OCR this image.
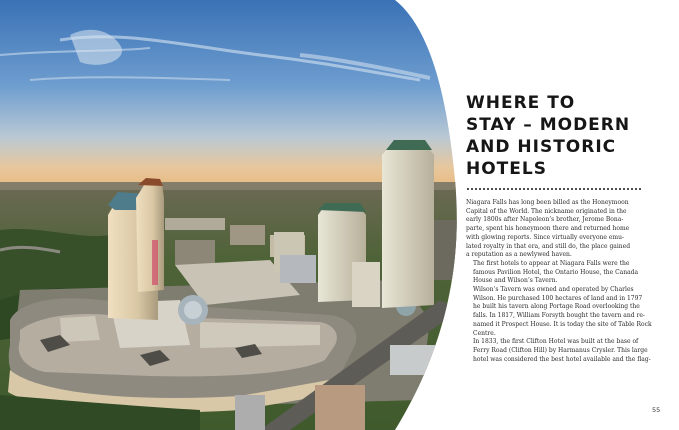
WHERE TO
STAY – MODERN
AND HISTORIC
HOTELS

Niagara Falls has long been billed as the Honeymoon
Capital of the World. The nickname originated in the
early 1800s after Napoleon’s brother, Jerome Bona-
parte, spent his honeymoon there and returned home
with glowing reports. Since virtually everyone emu-
lated royalty in that era, and still do, the place gained
a reputation as a newlywed haven.

The first hotels to appear at Niagara Falls were the
famous Pavilion Hotel, the Ontario House, the Canada
House and Wilson’s Tavern.

Wilson’s Tavern was owned and operated by Charles
Wilson. He purchased 100 hectares of land and in 1797
he built his tavern along Portage Road overlooking the
falls. In 1817, William Forsyth bought the tavern and re-
named it Prospect House. It is today the site of Table Rock
Centre.

In 1833, the first Clifton Hotel was built at the base of
Ferry Road (Clifton Hill) by Harmanus Crysler. This large
hotel was considered the best hotel available and the flag-

55
